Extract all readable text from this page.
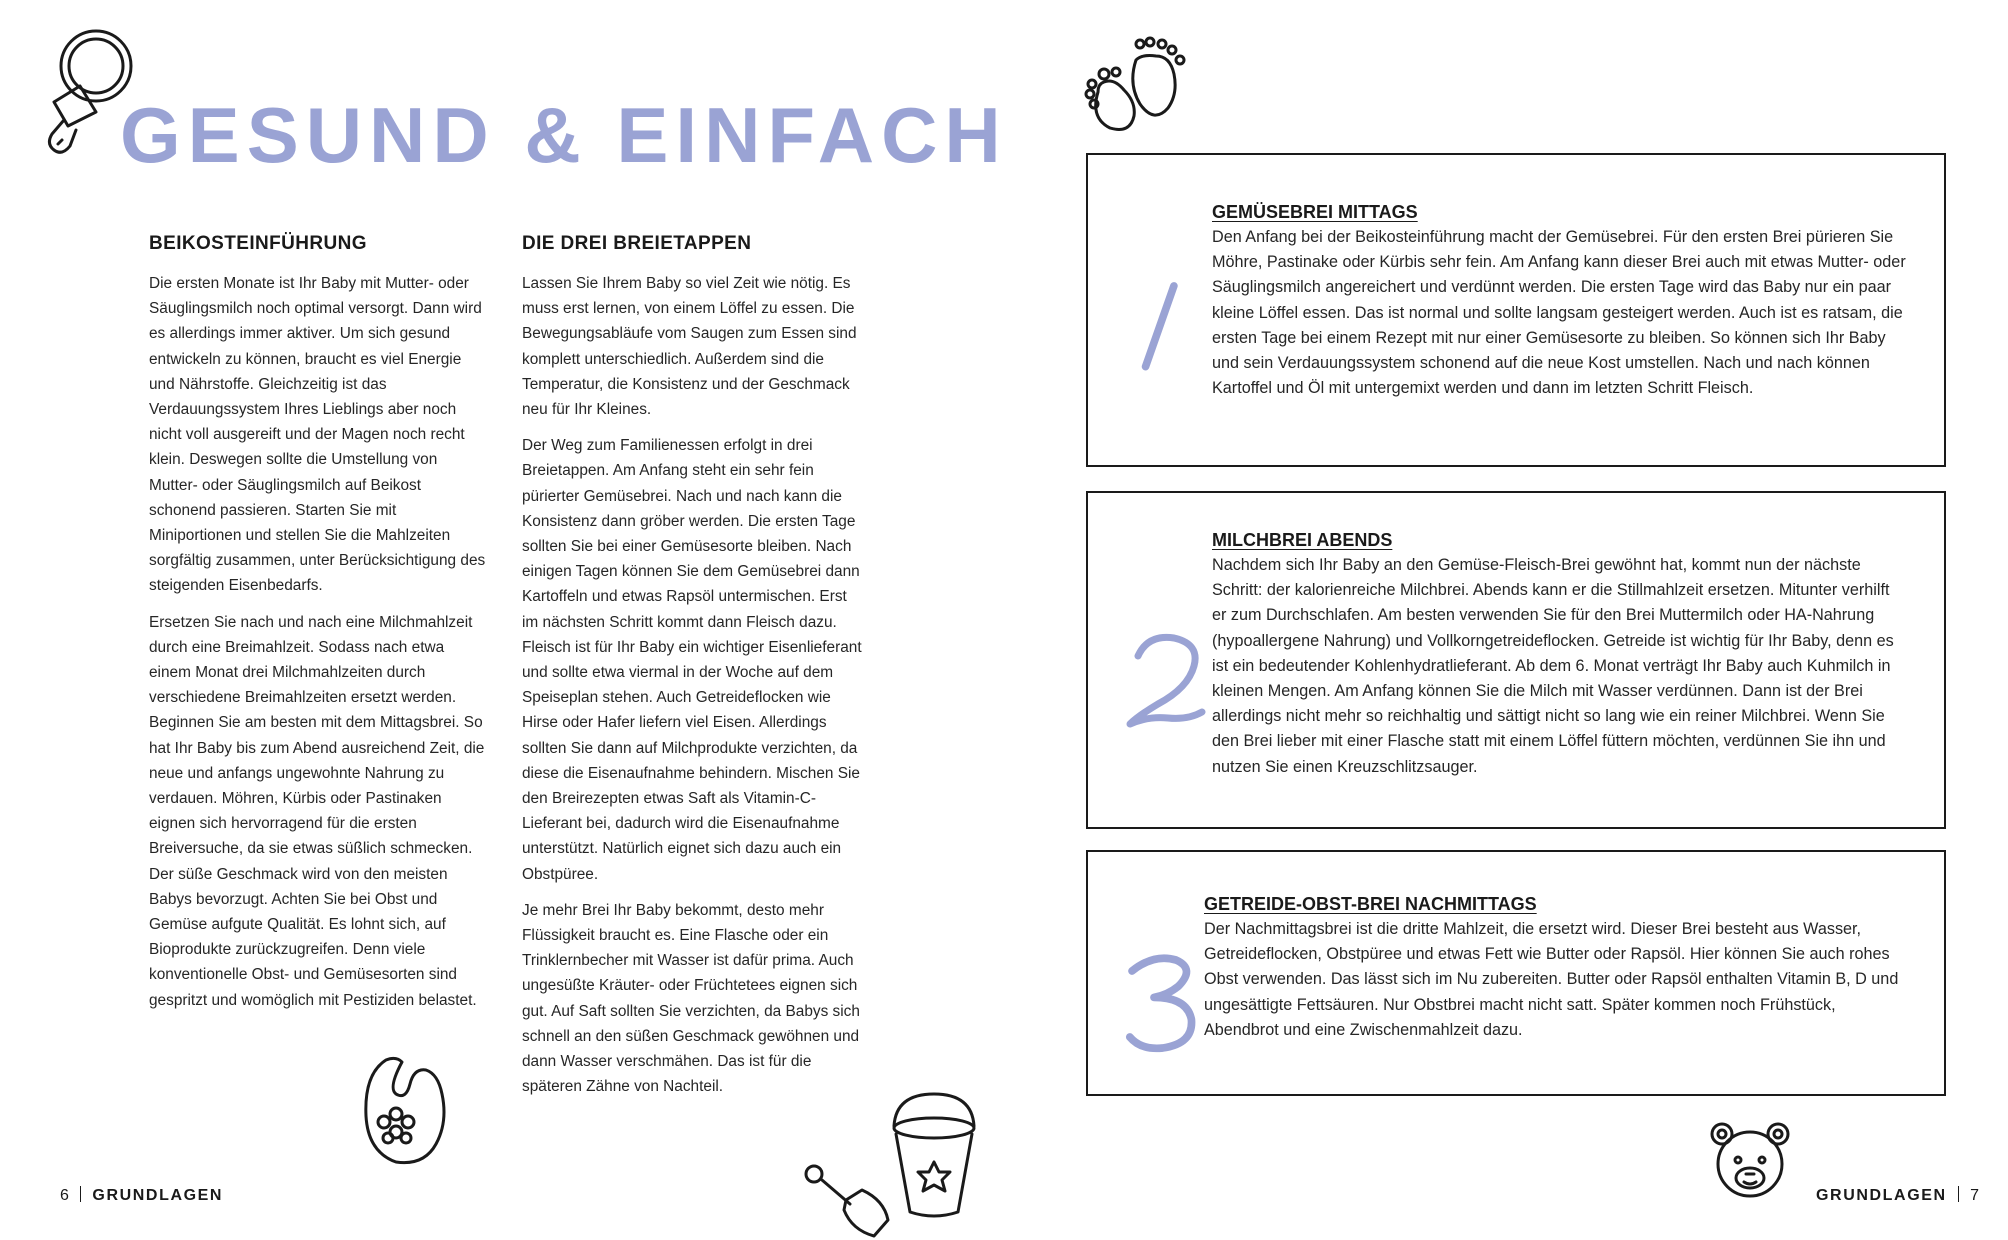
GESUND & EINFACH
BEIKOSTEINFÜHRUNG

Die ersten Monate ist Ihr Baby mit Mutter- oder Säuglingsmilch noch optimal versorgt. Dann wird es allerdings immer aktiver. Um sich gesund entwickeln zu können, braucht es viel Energie und Nährstoffe. Gleichzeitig ist das Verdauungssystem Ihres Lieblings aber noch nicht voll ausgereift und der Magen noch recht klein. Deswegen sollte die Umstellung von Mutter- oder Säuglingsmilch auf Beikost schonend passieren. Starten Sie mit Miniportionen und stellen Sie die Mahlzeiten sorgfältig zusammen, unter Berücksichtigung des steigenden Eisenbedarfs.

Ersetzen Sie nach und nach eine Milchmahlzeit durch eine Breimahlzeit. Sodass nach etwa einem Monat drei Milchmahlzeiten durch verschiedene Breimahlzeiten ersetzt werden. Beginnen Sie am besten mit dem Mittagsbrei. So hat Ihr Baby bis zum Abend ausreichend Zeit, die neue und anfangs ungewohnte Nahrung zu verdauen. Möhren, Kürbis oder Pastinaken eignen sich hervorragend für die ersten Breiversuche, da sie etwas süßlich schmecken. Der süße Geschmack wird von den meisten Babys bevorzugt. Achten Sie bei Obst und Gemüse aufgute Qualität. Es lohnt sich, auf Bioprodukte zurückzugreifen. Denn viele konventionelle Obst- und Gemüsesorten sind gespritzt und womöglich mit Pestiziden belastet.

DIE DREI BREIETAPPEN

Lassen Sie Ihrem Baby so viel Zeit wie nötig. Es muss erst lernen, von einem Löffel zu essen. Die Bewegungsabläufe vom Saugen zum Essen sind komplett unterschiedlich. Außerdem sind die Temperatur, die Konsistenz und der Geschmack neu für Ihr Kleines.

Der Weg zum Familienessen erfolgt in drei Breietappen. Am Anfang steht ein sehr fein pürierter Gemüsebrei. Nach und nach kann die Konsistenz dann gröber werden. Die ersten Tage sollten Sie bei einer Gemüsesorte bleiben. Nach einigen Tagen können Sie dem Gemüsebrei dann Kartoffeln und etwas Rapsöl untermischen. Erst im nächsten Schritt kommt dann Fleisch dazu. Fleisch ist für Ihr Baby ein wichtiger Eisenlieferant und sollte etwa viermal in der Woche auf dem Speiseplan stehen. Auch Getreideflocken wie Hirse oder Hafer liefern viel Eisen. Allerdings sollten Sie dann auf Milchprodukte verzichten, da diese die Eisenaufnahme behindern. Mischen Sie den Breirezepten etwas Saft als Vitamin-C-Lieferant bei, dadurch wird die Eisenaufnahme unterstützt. Natürlich eignet sich dazu auch ein Obstpüree.

Je mehr Brei Ihr Baby bekommt, desto mehr Flüssigkeit braucht es. Eine Flasche oder ein Trinklernbecher mit Wasser ist dafür prima. Auch ungesüßte Kräuter- oder Früchtetees eignen sich gut. Auf Saft sollten Sie verzichten, da Babys sich schnell an den süßen Geschmack gewöhnen und dann Wasser verschmähen. Das ist für die späteren Zähne von Nachteil.

6 GRUNDLAGEN
GEMÜSEBREI MITTAGS

Den Anfang bei der Beikosteinführung macht der Gemüsebrei. Für den ersten Brei pürieren Sie Möhre, Pastinake oder Kürbis sehr fein. Am Anfang kann dieser Brei auch mit etwas Mutter- oder Säuglingsmilch angereichert und verdünnt werden. Die ersten Tage wird das Baby nur ein paar kleine Löffel essen. Das ist normal und sollte langsam gesteigert werden. Auch ist es ratsam, die ersten Tage bei einem Rezept mit nur einer Gemüsesorte zu bleiben. So können sich Ihr Baby und sein Verdauungssystem schonend auf die neue Kost umstellen. Nach und nach können Kartoffel und Öl mit untergemixt werden und dann im letzten Schritt Fleisch.

MILCHBREI ABENDS

Nachdem sich Ihr Baby an den Gemüse-Fleisch-Brei gewöhnt hat, kommt nun der nächste Schritt: der kalorienreiche Milchbrei. Abends kann er die Stillmahlzeit ersetzen. Mitunter verhilft er zum Durchschlafen. Am besten verwenden Sie für den Brei Muttermilch oder HA-Nahrung (hypoallergene Nahrung) und Vollkorngetreideflocken. Getreide ist wichtig für Ihr Baby, denn es ist ein bedeutender Kohlenhydratlieferant. Ab dem 6. Monat verträgt Ihr Baby auch Kuhmilch in kleinen Mengen. Am Anfang können Sie die Milch mit Wasser verdünnen. Dann ist der Brei allerdings nicht mehr so reichhaltig und sättigt nicht so lang wie ein reiner Milchbrei. Wenn Sie den Brei lieber mit einer Flasche statt mit einem Löffel füttern möchten, verdünnen Sie ihn und nutzen Sie einen Kreuzschlitzsauger.

GETREIDE-OBST-BREI NACHMITTAGS

Der Nachmittagsbrei ist die dritte Mahlzeit, die ersetzt wird. Dieser Brei besteht aus Wasser, Getreideflocken, Obstpüree und etwas Fett wie Butter oder Rapsöl. Hier können Sie auch rohes Obst verwenden. Das lässt sich im Nu zubereiten. Butter oder Rapsöl enthalten Vitamin B, D und ungesättigte Fettsäuren. Nur Obstbrei macht nicht satt. Später kommen noch Frühstück, Abendbrot und eine Zwischenmahlzeit dazu.

GRUNDLAGEN 7
